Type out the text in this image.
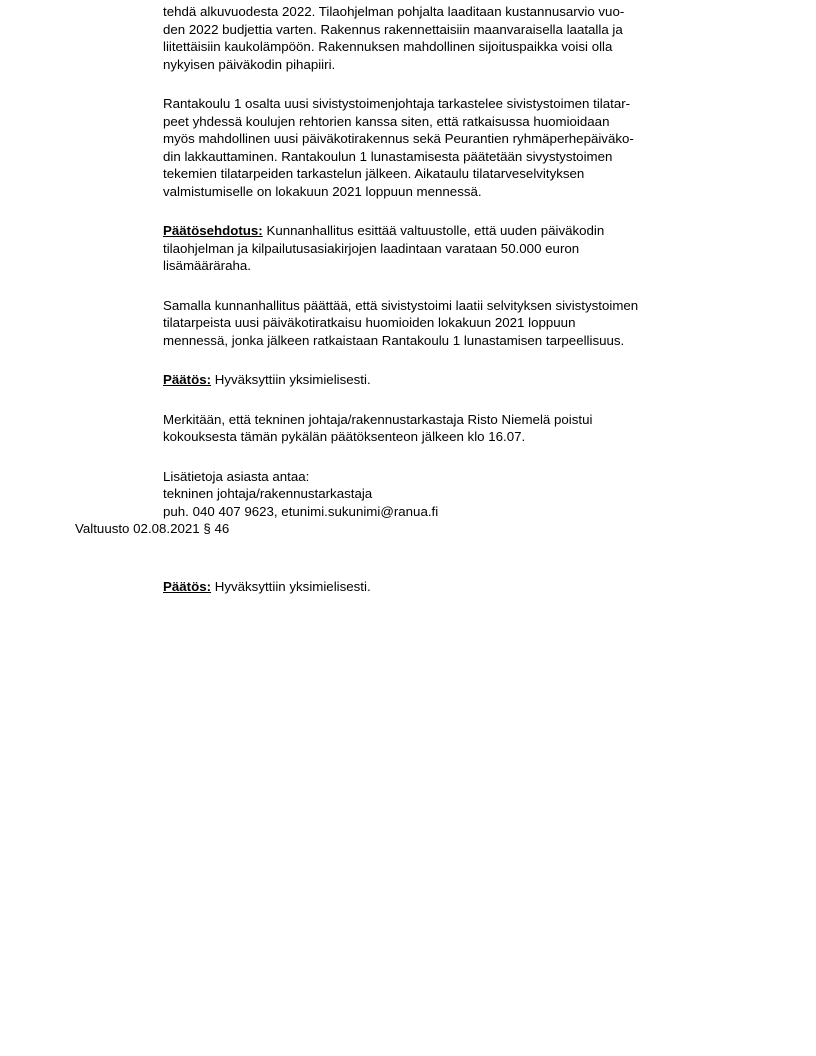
tehdä alkuvuodesta 2022. Tilaohjelman pohjalta laaditaan kustannusarvio vuo-
den 2022 budjettia varten. Rakennus rakennettaisiin maanvaraisella laatalla ja
liitettäisiin kaukolämpöön. Rakennuksen mahdollinen sijoituspaikka voisi olla
nykyisen päiväkodin pihapiiri.
Rantakoulu 1 osalta uusi sivistystoimenjohtaja tarkastelee sivistystoimen tilatar-
peet yhdessä koulujen rehtorien kanssa siten, että ratkaisussa huomioidaan
myös mahdollinen uusi päiväkotirakennus sekä Peurantien ryhmäperhepäiväko-
din lakkauttaminen. Rantakoulun 1 lunastamisesta päätetään sivystystoimen
tekemien tilatarpeiden tarkastelun jälkeen. Aikataulu tilatarveselvityksen
valmistumiselle on lokakuun 2021 loppuun mennessä.
Päätösehdotus: Kunnanhallitus esittää valtuustolle, että uuden päiväkodin
tilaohjelman ja kilpailutusasiakirjojen laadintaan varataan 50.000 euron
lisämääräraha.
Samalla kunnanhallitus päättää, että sivistystoimi laatii selvityksen sivistystoimen
tilatarpeista uusi päiväkotiratkaisu huomioiden lokakuun 2021 loppuun
mennessä, jonka jälkeen ratkaistaan Rantakoulu 1 lunastamisen tarpeellisuus.
Päätös: Hyväksyttiin yksimielisesti.
Merkitään, että tekninen johtaja/rakennustarkastaja Risto Niemelä poistui
kokouksesta tämän pykälän päätöksenteon jälkeen klo 16.07.
Lisätietoja asiasta antaa:
tekninen johtaja/rakennustarkastaja
puh. 040 407 9623, etunimi.sukunimi@ranua.fi
Valtuusto 02.08.2021 § 46
Päätös: Hyväksyttiin yksimielisesti.
